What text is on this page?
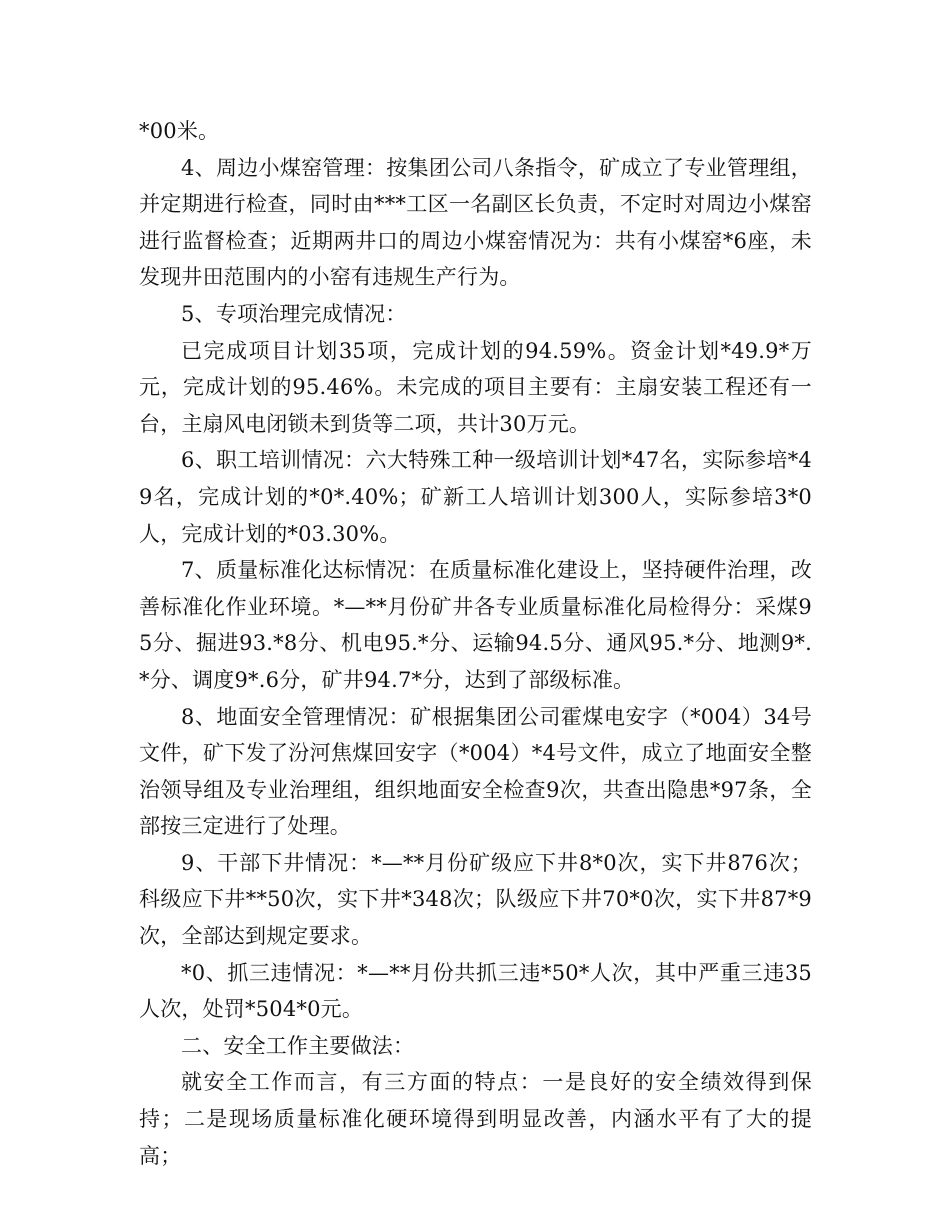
*00米。

4、周边小煤窑管理：按集团公司八条指令，矿成立了专业管理组，并定期进行检查，同时由***工区一名副区长负责，不定时对周边小煤窑进行监督检查；近期两井口的周边小煤窑情况为：共有小煤窑*6座，未发现井田范围内的小窑有违规生产行为。

5、专项治理完成情况：

已完成项目计划35项，完成计划的94.59%。资金计划*49.9*万元，完成计划的95.46%。未完成的项目主要有：主扇安装工程还有一台，主扇风电闭锁未到货等二项，共计30万元。

6、职工培训情况：六大特殊工种一级培训计划*47名，实际参培*49名，完成计划的*0*.40%；矿新工人培训计划300人，实际参培3*0人，完成计划的*03.30%。

7、质量标准化达标情况：在质量标准化建设上，坚持硬件治理，改善标准化作业环境。*—**月份矿井各专业质量标准化局检得分：采煤95分、掘进93.*8分、机电95.*分、运输94.5分、通风95.*分、地测9*.*分、调度9*.6分，矿井94.7*分，达到了部级标准。

8、地面安全管理情况：矿根据集团公司霍煤电安字（*004）34号文件，矿下发了汾河焦煤回安字（*004）*4号文件，成立了地面安全整治领导组及专业治理组，组织地面安全检查9次，共查出隐患*97条，全部按三定进行了处理。

9、干部下井情况：*—**月份矿级应下井8*0次，实下井876次；科级应下井**50次，实下井*348次；队级应下井70*0次，实下井87*9次，全部达到规定要求。

*0、抓三违情况：*—**月份共抓三违*50*人次，其中严重三违35人次，处罚*504*0元。

二、安全工作主要做法：

就安全工作而言，有三方面的特点：一是良好的安全绩效得到保持；二是现场质量标准化硬环境得到明显改善，内涵水平有了大的提高；
